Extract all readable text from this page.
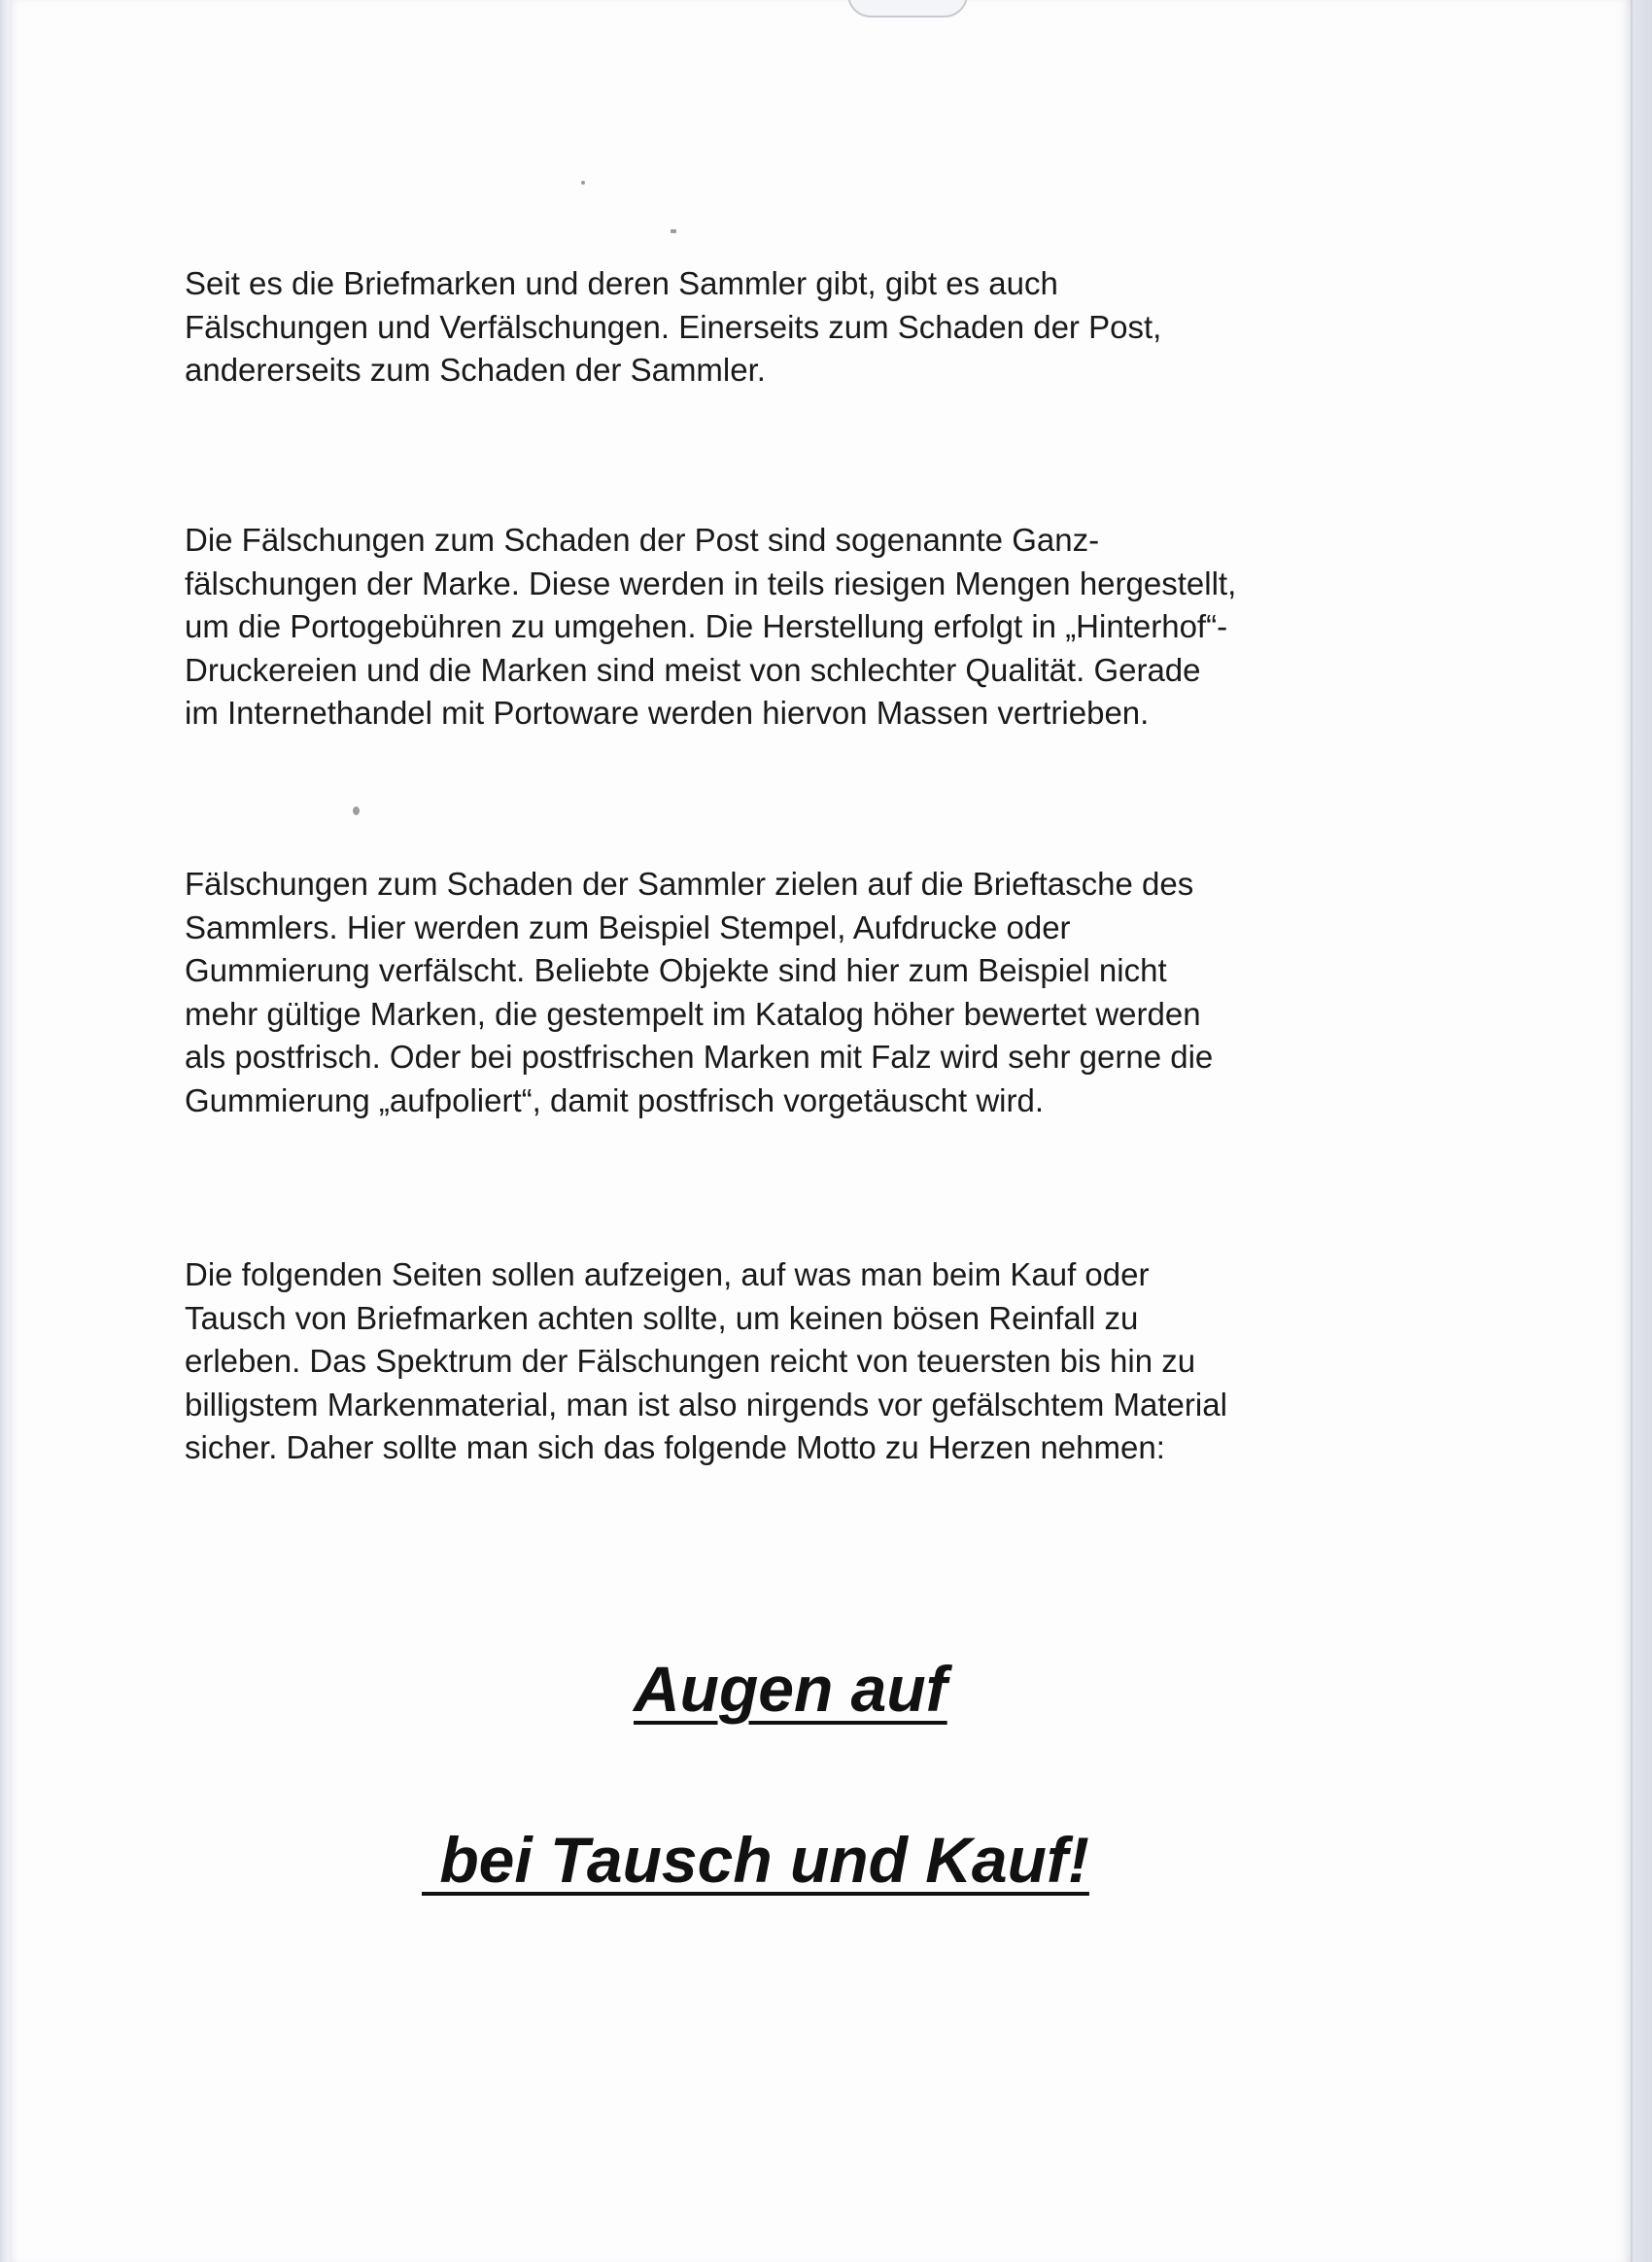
Seit es die Briefmarken und deren Sammler gibt, gibt es auch
Fälschungen und Verfälschungen. Einerseits zum Schaden der Post,
andererseits zum Schaden der Sammler.

Die Fälschungen zum Schaden der Post sind sogenannte Ganz-
fälschungen der Marke. Diese werden in teils riesigen Mengen hergestellt,
um die Portogebühren zu umgehen. Die Herstellung erfolgt in „Hinterhof“-
Druckereien und die Marken sind meist von schlechter Qualität. Gerade
im Internethandel mit Portoware werden hiervon Massen vertrieben.

Fälschungen zum Schaden der Sammler zielen auf die Brieftasche des
Sammlers. Hier werden zum Beispiel Stempel, Aufdrucke oder
Gummierung verfälscht. Beliebte Objekte sind hier zum Beispiel nicht
mehr gültige Marken, die gestempelt im Katalog höher bewertet werden
als postfrisch. Oder bei postfrischen Marken mit Falz wird sehr gerne die
Gummierung „aufpoliert“, damit postfrisch vorgetäuscht wird.

Die folgenden Seiten sollen aufzeigen, auf was man beim Kauf oder
Tausch von Briefmarken achten sollte, um keinen bösen Reinfall zu
erleben. Das Spektrum der Fälschungen reicht von teuersten bis hin zu
billigstem Markenmaterial, man ist also nirgends vor gefälschtem Material
sicher. Daher sollte man sich das folgende Motto zu Herzen nehmen:

Augen auf

bei Tausch und Kauf!
